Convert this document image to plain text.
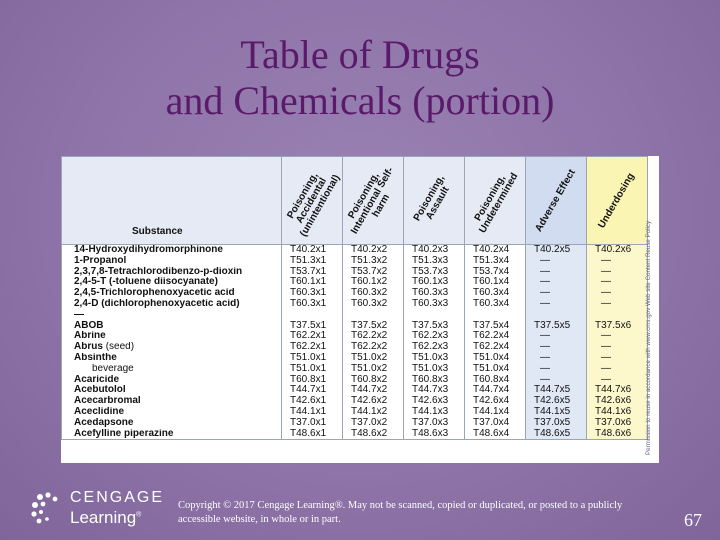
Table of Drugs
and Chemicals (portion)
Substance	Poisoning, Accidental (unintentional)	Poisoning, Intentional Self-harm	Poisoning, Assault	Poisoning, Undetermined	Adverse Effect	Underdosing

14-Hydroxydihydromorphinone	T40.2x1	T40.2x2	T40.2x3	T40.2x4	T40.2x5	T40.2x6
1-Propanol	T51.3x1	T51.3x2	T51.3x3	T51.3x4	—	—
2,3,7,8-Tetrachlorodibenzo-p-dioxin	T53.7x1	T53.7x2	T53.7x3	T53.7x4	—	—
2,4-5-T (-toluene diisocyanate)	T60.1x1	T60.1x2	T60.1x3	T60.1x4	—	—
2,4,5-Trichlorophenoxyacetic acid	T60.3x1	T60.3x2	T60.3x3	T60.3x4	—	—
2,4-D (dichlorophenoxyacetic acid)	T60.3x1	T60.3x2	T60.3x3	T60.3x4	—	—
—						
ABOB	T37.5x1	T37.5x2	T37.5x3	T37.5x4	T37.5x5	T37.5x6
Abrine	T62.2x1	T62.2x2	T62.2x3	T62.2x4	—	—
Abrus (seed)	T62.2x1	T62.2x2	T62.2x3	T62.2x4	—	—
Absinthe	T51.0x1	T51.0x2	T51.0x3	T51.0x4	—	—
beverage	T51.0x1	T51.0x2	T51.0x3	T51.0x4	—	—
Acaricide	T60.8x1	T60.8x2	T60.8x3	T60.8x4	—	—
Acebutolol	T44.7x1	T44.7x2	T44.7x3	T44.7x4	T44.7x5	T44.7x6
Acecarbromal	T42.6x1	T42.6x2	T42.6x3	T42.6x4	T42.6x5	T42.6x6
Aceclidine	T44.1x1	T44.1x2	T44.1x3	T44.1x4	T44.1x5	T44.1x6
Acedapsone	T37.0x1	T37.0x2	T37.0x3	T37.0x4	T37.0x5	T37.0x6
Acefylline piperazine	T48.6x1	T48.6x2	T48.6x3	T48.6x4	T48.6x5	T48.6x6 Permission to reuse in accordance with www.cms.gov Web site Content Reuse Policy
CENGAGE
Learning®
Copyright © 2017 Cengage Learning®. May not be scanned, copied or duplicated, or posted to a publicly accessible website, in whole or in part.	67
